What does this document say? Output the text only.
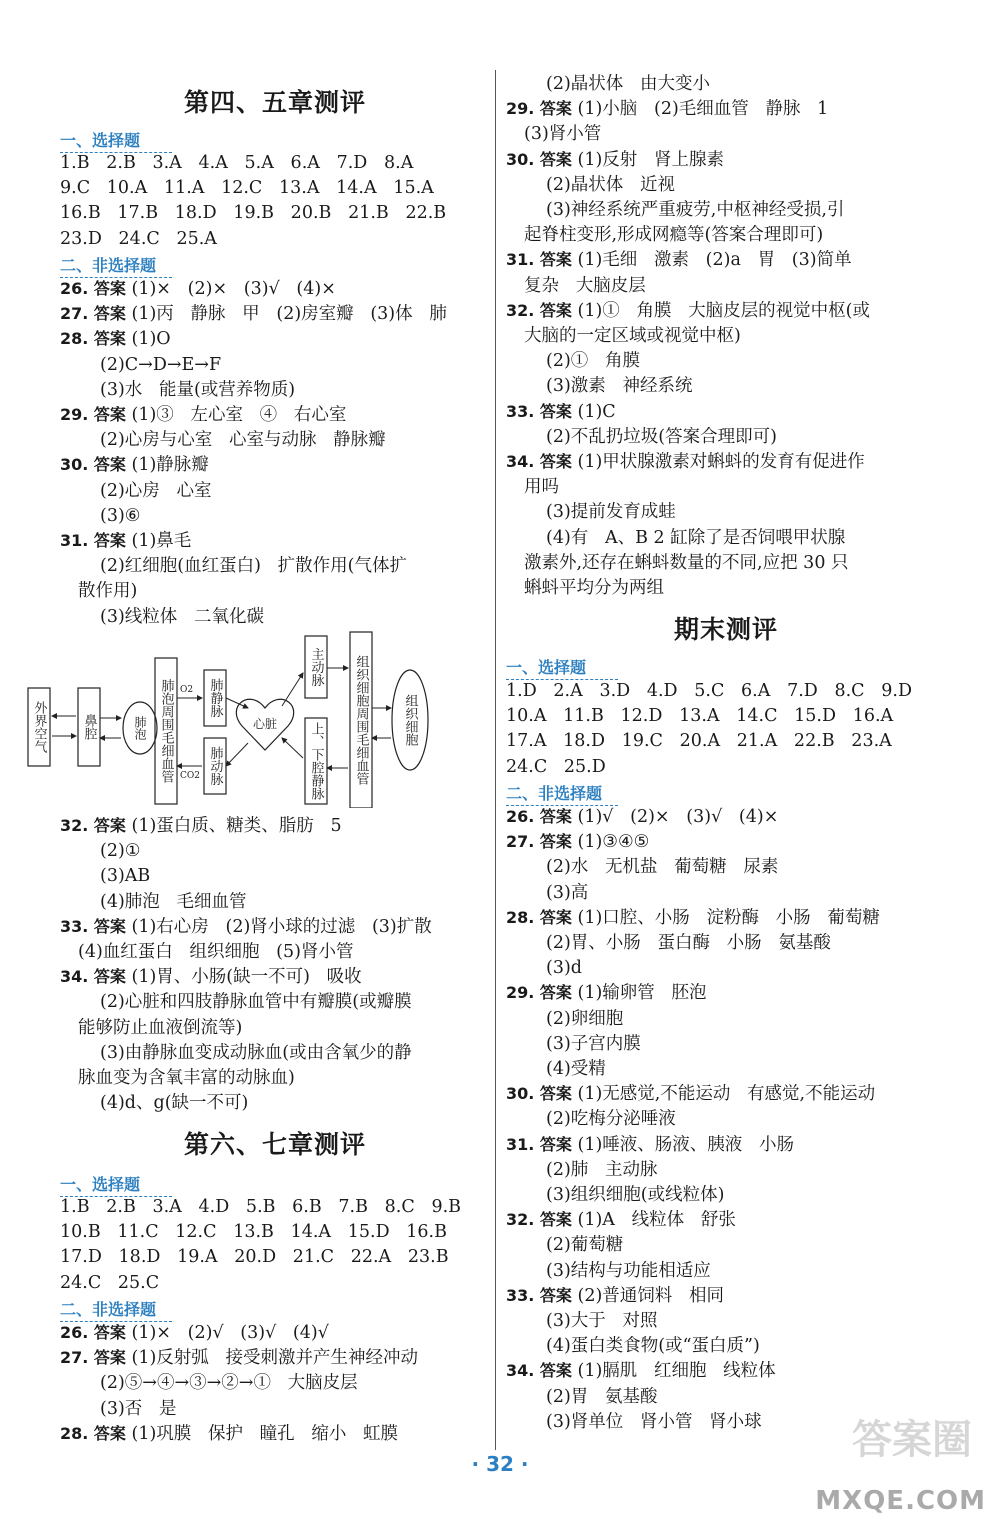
第四、五章测评
一、选择题
1.B   2.B   3.A   4.A   5.A   6.A   7.D   8.A
9.C   10.A   11.A   12.C   13.A   14.A   15.A
16.B   17.B   18.D   19.B   20.B   21.B   22.B
23.D   24.C   25.A
二、非选择题
26. 答案 (1)×   (2)×   (3)√   (4)×
27. 答案 (1)丙   静脉   甲   (2)房室瓣   (3)体   肺
28. 答案 (1)O
(2)C→D→E→F
(3)水   能量(或营养物质)
29. 答案 (1)③   左心室   ④   右心室
(2)心房与心室   心室与动脉   静脉瓣
30. 答案 (1)静脉瓣
(2)心房   心室
(3)⑥
31. 答案 (1)鼻毛
(2)红细胞(血红蛋白)   扩散作用(气体扩
散作用)
(3)线粒体   二氧化碳
32. 答案 (1)蛋白质、糖类、脂肪   5
(2)①
(3)AB
(4)肺泡   毛细血管
33. 答案 (1)右心房   (2)肾小球的过滤   (3)扩散
(4)血红蛋白   组织细胞   (5)肾小管
34. 答案 (1)胃、小肠(缺一不可)   吸收
(2)心脏和四肢静脉血管中有瓣膜(或瓣膜
能够防止血液倒流等)
(3)由静脉血变成动脉血(或由含氧少的静
脉血变为含氧丰富的动脉血)
(4)d、g(缺一不可)
第六、七章测评
一、选择题
1.B   2.B   3.A   4.D   5.B   6.B   7.B   8.C   9.B
10.B   11.C   12.C   13.B   14.A   15.D   16.B
17.D   18.D   19.A   20.D   21.C   22.A   23.B
24.C   25.C
二、非选择题
26. 答案 (1)×   (2)√   (3)√   (4)√
27. 答案 (1)反射弧   接受刺激并产生神经冲动
(2)⑤→④→③→②→①   大脑皮层
(3)否   是
28. 答案 (1)巩膜   保护   瞳孔   缩小   虹膜
(2)晶状体   由大变小
29. 答案 (1)小脑   (2)毛细血管   静脉   1
(3)肾小管
30. 答案 (1)反射   肾上腺素
(2)晶状体   近视
(3)神经系统严重疲劳,中枢神经受损,引
起脊柱变形,形成网瘾等(答案合理即可)
31. 答案 (1)毛细   激素   (2)a   胃   (3)简单
复杂   大脑皮层
32. 答案 (1)①   角膜   大脑皮层的视觉中枢(或
大脑的一定区域或视觉中枢)
(2)①   角膜
(3)激素   神经系统
33. 答案 (1)C
(2)不乱扔垃圾(答案合理即可)
34. 答案 (1)甲状腺激素对蝌蚪的发育有促进作
用吗
(3)提前发育成蛙
(4)有   A、B 2 缸除了是否饲喂甲状腺
激素外,还存在蝌蚪数量的不同,应把 30 只
蝌蚪平均分为两组
期末测评
一、选择题
1.D   2.A   3.D   4.D   5.C   6.A   7.D   8.C   9.D
10.A   11.B   12.D   13.A   14.C   15.D   16.A
17.A   18.D   19.C   20.A   21.A   22.B   23.A
24.C   25.D
二、非选择题
26. 答案 (1)√   (2)×   (3)√   (4)×
27. 答案 (1)③④⑤
(2)水   无机盐   葡萄糖   尿素
(3)高
28. 答案 (1)口腔、小肠   淀粉酶   小肠   葡萄糖
(2)胃、小肠   蛋白酶   小肠   氨基酸
(3)d
29. 答案 (1)输卵管   胚泡
(2)卵细胞
(3)子宫内膜
(4)受精
30. 答案 (1)无感觉,不能运动   有感觉,不能运动
(2)吃梅分泌唾液
31. 答案 (1)唾液、肠液、胰液   小肠
(2)肺   主动脉
(3)组织细胞(或线粒体)
32. 答案 (1)A   线粒体   舒张
(2)葡萄糖
(3)结构与功能相适应
33. 答案 (2)普通饲料   相同
(3)大于   对照
(4)蛋白类食物(或“蛋白质”)
34. 答案 (1)膈肌   红细胞   线粒体
(2)胃   氨基酸
(3)肾单位   肾小管   肾小球
外界空气	鼻腔	肺泡 肺泡周围毛细血管	肺静脉
肺动脉
心脏
主动脉
上、下腔静脉 组织细胞周围毛细血管	组织细胞
O2
CO2
· 32 ·
答案圈
MXQE.COM
